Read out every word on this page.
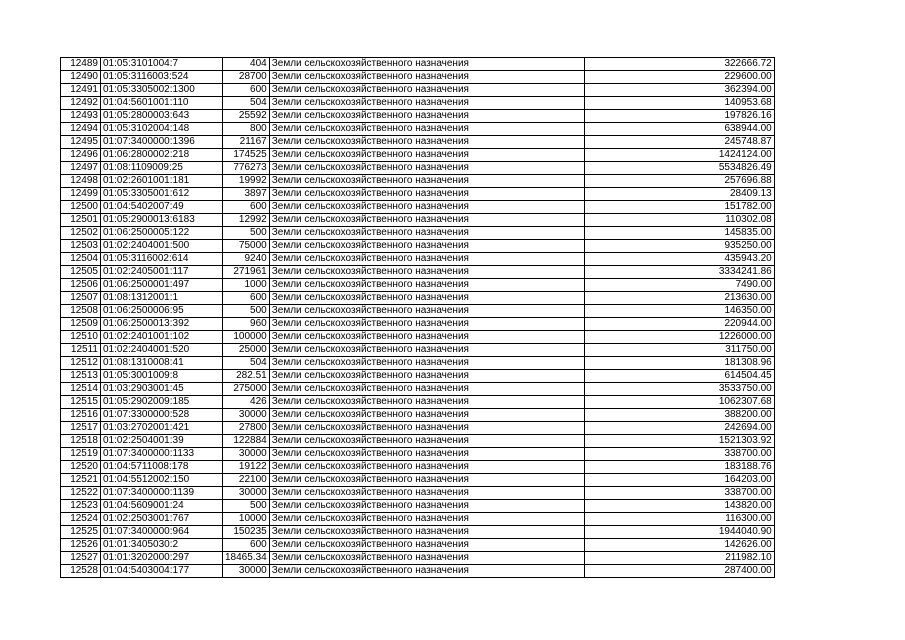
12489	01:05:3101004:7	404	Земли сельскохозяйственного назначения	322666.72
12490	01:05:3116003:524	28700	Земли сельскохозяйственного назначения	229600.00
12491	01:05:3305002:1300	600	Земли сельскохозяйственного назначения	362394.00
12492	01:04:5601001:110	504	Земли сельскохозяйственного назначения	140953.68
12493	01:05:2800003:643	25592	Земли сельскохозяйственного назначения	197826.16
12494	01:05:3102004:148	800	Земли сельскохозяйственного назначения	638944.00
12495	01:07:3400000:1396	21167	Земли сельскохозяйственного назначения	245748.87
12496	01:06:2800002:218	174525	Земли сельскохозяйственного назначения	1424124.00
12497	01:08:1109009:25	776273	Земли сельскохозяйственного назначения	5534826.49
12498	01:02:2601001:181	19992	Земли сельскохозяйственного назначения	257696.88
12499	01:05:3305001:612	3897	Земли сельскохозяйственного назначения	28409.13
12500	01:04:5402007:49	600	Земли сельскохозяйственного назначения	151782.00
12501	01:05:2900013:6183	12992	Земли сельскохозяйственного назначения	110302.08
12502	01:06:2500005:122	500	Земли сельскохозяйственного назначения	145835.00
12503	01:02:2404001:500	75000	Земли сельскохозяйственного назначения	935250.00
12504	01:05:3116002:614	9240	Земли сельскохозяйственного назначения	435943.20
12505	01:02:2405001:117	271961	Земли сельскохозяйственного назначения	3334241.86
12506	01:06:2500001:497	1000	Земли сельскохозяйственного назначения	7490.00
12507	01:08:1312001:1	600	Земли сельскохозяйственного назначения	213630.00
12508	01:06:2500006:95	500	Земли сельскохозяйственного назначения	146350.00
12509	01:06:2500013:392	960	Земли сельскохозяйственного назначения	220944.00
12510	01:02:2401001:102	100000	Земли сельскохозяйственного назначения	1226000.00
12511	01:02:2404001:520	25000	Земли сельскохозяйственного назначения	311750.00
12512	01:08:1310008:41	504	Земли сельскохозяйственного назначения	181308.96
12513	01:05:3001009:8	282.51	Земли сельскохозяйственного назначения	614504.45
12514	01:03:2903001:45	275000	Земли сельскохозяйственного назначения	3533750.00
12515	01:05:2902009:185	426	Земли сельскохозяйственного назначения	1062307.68
12516	01:07:3300000:528	30000	Земли сельскохозяйственного назначения	388200.00
12517	01:03:2702001:421	27800	Земли сельскохозяйственного назначения	242694.00
12518	01:02:2504001:39	122884	Земли сельскохозяйственного назначения	1521303.92
12519	01:07:3400000:1133	30000	Земли сельскохозяйственного назначения	338700.00
12520	01:04:5711008:178	19122	Земли сельскохозяйственного назначения	183188.76
12521	01:04:5512002:150	22100	Земли сельскохозяйственного назначения	164203.00
12522	01:07:3400000:1139	30000	Земли сельскохозяйственного назначения	338700.00
12523	01:04:5609001:24	500	Земли сельскохозяйственного назначения	143820.00
12524	01:02:2503001:767	10000	Земли сельскохозяйственного назначения	116300.00
12525	01:07:3400000:964	150235	Земли сельскохозяйственного назначения	1944040.90
12526	01:01:3405030:2	600	Земли сельскохозяйственного назначения	142626.00
12527	01:01:3202000:297	18465.34	Земли сельскохозяйственного назначения	211982.10
12528	01:04:5403004:177	30000	Земли сельскохозяйственного назначения	287400.00
